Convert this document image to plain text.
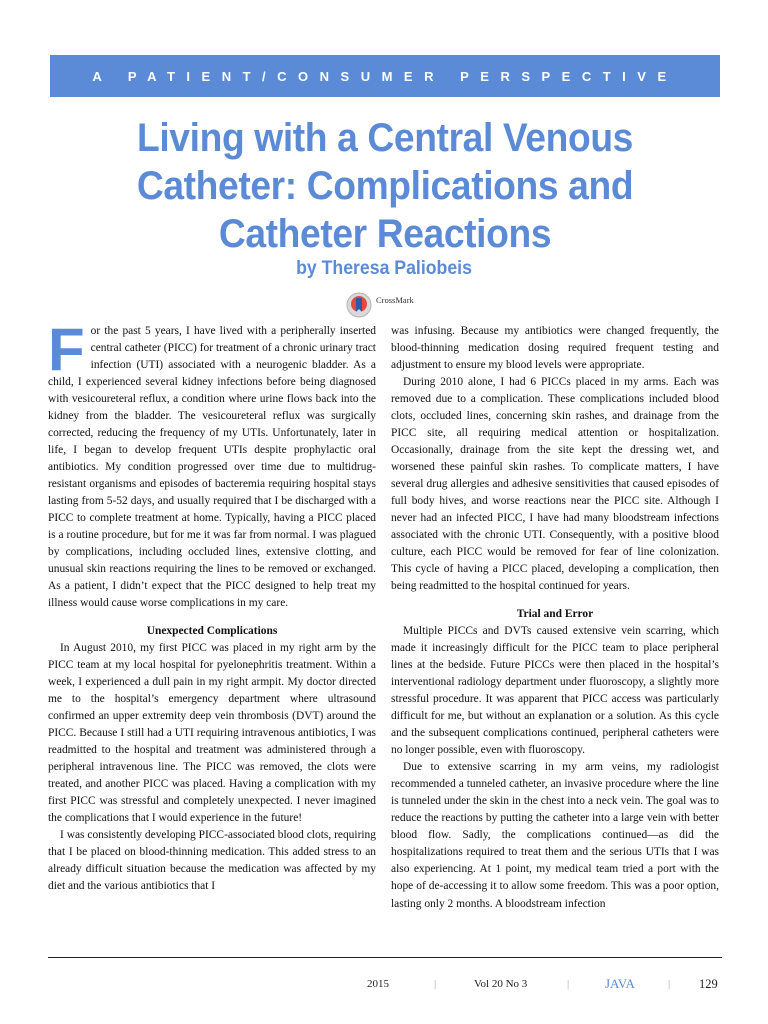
A PATIENT/CONSUMER PERSPECTIVE
Living with a Central Venous
Catheter: Complications and
Catheter Reactions
by Theresa Paliobeis
CrossMark

For the past 5 years, I have lived with a peripherally inserted central catheter (PICC) for treatment of a chronic urinary tract infection (UTI) associated with a neurogenic bladder. As a child, I experienced several kidney infections before being diagnosed with vesicoureteral reflux, a condition where urine flows back into the kidney from the bladder. The vesicoureteral reflux was surgically corrected, reducing the frequency of my UTIs. Unfortunately, later in life, I began to develop frequent UTIs despite prophylactic oral antibiotics. My condition progressed over time due to multidrug-resistant organisms and episodes of bacteremia requiring hospital stays lasting from 5-52 days, and usually required that I be discharged with a PICC to complete treatment at home. Typically, having a PICC placed is a routine procedure, but for me it was far from normal. I was plagued by complications, including occluded lines, extensive clotting, and unusual skin reactions requiring the lines to be removed or exchanged. As a patient, I didn’t expect that the PICC designed to help treat my illness would cause worse complications in my care.

Unexpected Complications

In August 2010, my first PICC was placed in my right arm by the PICC team at my local hospital for pyelonephritis treatment. Within a week, I experienced a dull pain in my right armpit. My doctor directed me to the hospital’s emergency department where ultrasound confirmed an upper extremity deep vein thrombosis (DVT) around the PICC. Because I still had a UTI requiring intravenous antibiotics, I was readmitted to the hospital and treatment was administered through a peripheral intravenous line. The PICC was removed, the clots were treated, and another PICC was placed. Having a complication with my first PICC was stressful and completely unexpected. I never imagined the complications that I would experience in the future!

I was consistently developing PICC-associated blood clots, requiring that I be placed on blood-thinning medication. This added stress to an already difficult situation because the medication was affected by my diet and the various antibiotics that I

was infusing. Because my antibiotics were changed frequently, the blood-thinning medication dosing required frequent testing and adjustment to ensure my blood levels were appropriate.

During 2010 alone, I had 6 PICCs placed in my arms. Each was removed due to a complication. These complications included blood clots, occluded lines, concerning skin rashes, and drainage from the PICC site, all requiring medical attention or hospitalization. Occasionally, drainage from the site kept the dressing wet, and worsened these painful skin rashes. To complicate matters, I have several drug allergies and adhesive sensitivities that caused episodes of full body hives, and worse reactions near the PICC site. Although I never had an infected PICC, I have had many bloodstream infections associated with the chronic UTI. Consequently, with a positive blood culture, each PICC would be removed for fear of line colonization. This cycle of having a PICC placed, developing a complication, then being readmitted to the hospital continued for years.

Trial and Error

Multiple PICCs and DVTs caused extensive vein scarring, which made it increasingly difficult for the PICC team to place peripheral lines at the bedside. Future PICCs were then placed in the hospital’s interventional radiology department under fluoroscopy, a slightly more stressful procedure. It was apparent that PICC access was particularly difficult for me, but without an explanation or a solution. As this cycle and the subsequent complications continued, peripheral catheters were no longer possible, even with fluoroscopy.

Due to extensive scarring in my arm veins, my radiologist recommended a tunneled catheter, an invasive procedure where the line is tunneled under the skin in the chest into a neck vein. The goal was to reduce the reactions by putting the catheter into a large vein with better blood flow. Sadly, the complications continued—as did the hospitalizations required to treat them and the serious UTIs that I was also experiencing. At 1 point, my medical team tried a port with the hope of de-accessing it to allow some freedom. This was a poor option, lasting only 2 months. A bloodstream infection

2015	|	Vol 20 No 3	|	JAVA	| 129
